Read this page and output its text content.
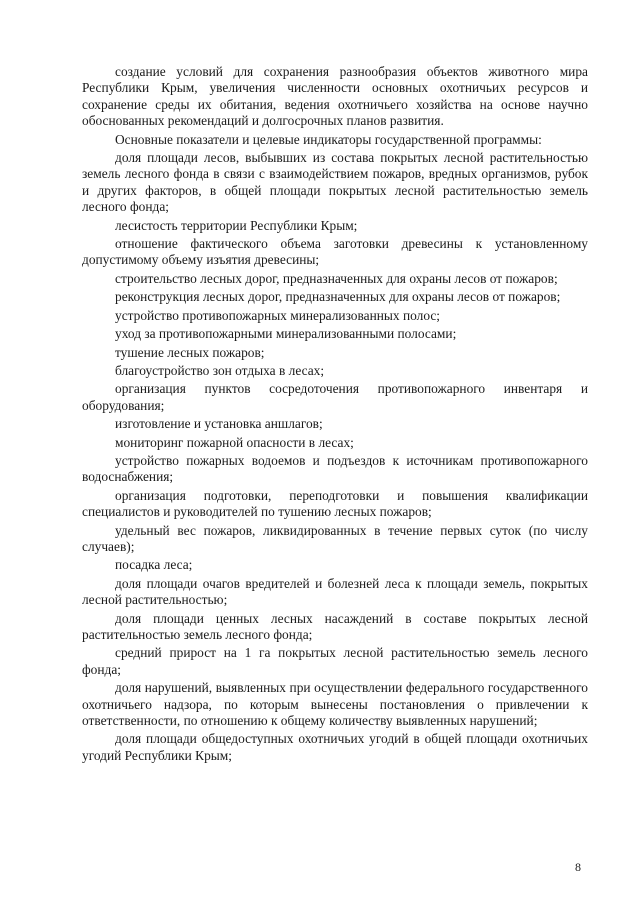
создание условий для сохранения разнообразия объектов животного мира Республики Крым, увеличения численности основных охотничьих ресурсов и сохранение среды их обитания, ведения охотничьего хозяйства на основе научно обоснованных рекомендаций и долгосрочных планов развития.

Основные показатели и целевые индикаторы государственной программы:

доля площади лесов, выбывших из состава покрытых лесной растительностью земель лесного фонда в связи с взаимодействием пожаров, вредных организмов, рубок и других факторов, в общей площади покрытых лесной растительностью земель лесного фонда;

лесистость территории Республики Крым;

отношение фактического объема заготовки древесины к установленному допустимому объему изъятия древесины;

строительство лесных дорог, предназначенных для охраны лесов от пожаров;

реконструкция лесных дорог, предназначенных для охраны лесов от пожаров;

устройство противопожарных минерализованных полос;

уход за противопожарными минерализованными полосами;

тушение лесных пожаров;

благоустройство зон отдыха в лесах;

организация пунктов сосредоточения противопожарного инвентаря и оборудования;

изготовление и установка аншлагов;

мониторинг пожарной опасности в лесах;

устройство пожарных водоемов и подъездов к источникам противопожарного водоснабжения;

организация подготовки, переподготовки и повышения квалификации специалистов и руководителей по тушению лесных пожаров;

удельный вес пожаров, ликвидированных в течение первых суток (по числу случаев);

посадка леса;

доля площади очагов вредителей и болезней леса к площади земель, покрытых лесной растительностью;

доля площади ценных лесных насаждений в составе покрытых лесной растительностью земель лесного фонда;

средний прирост на 1 га покрытых лесной растительностью земель лесного фонда;

доля нарушений, выявленных при осуществлении федерального государственного охотничьего надзора, по которым вынесены постановления о привлечении к ответственности, по отношению к общему количеству выявленных нарушений;

доля площади общедоступных охотничьих угодий в общей площади охотничьих угодий Республики Крым;

8
